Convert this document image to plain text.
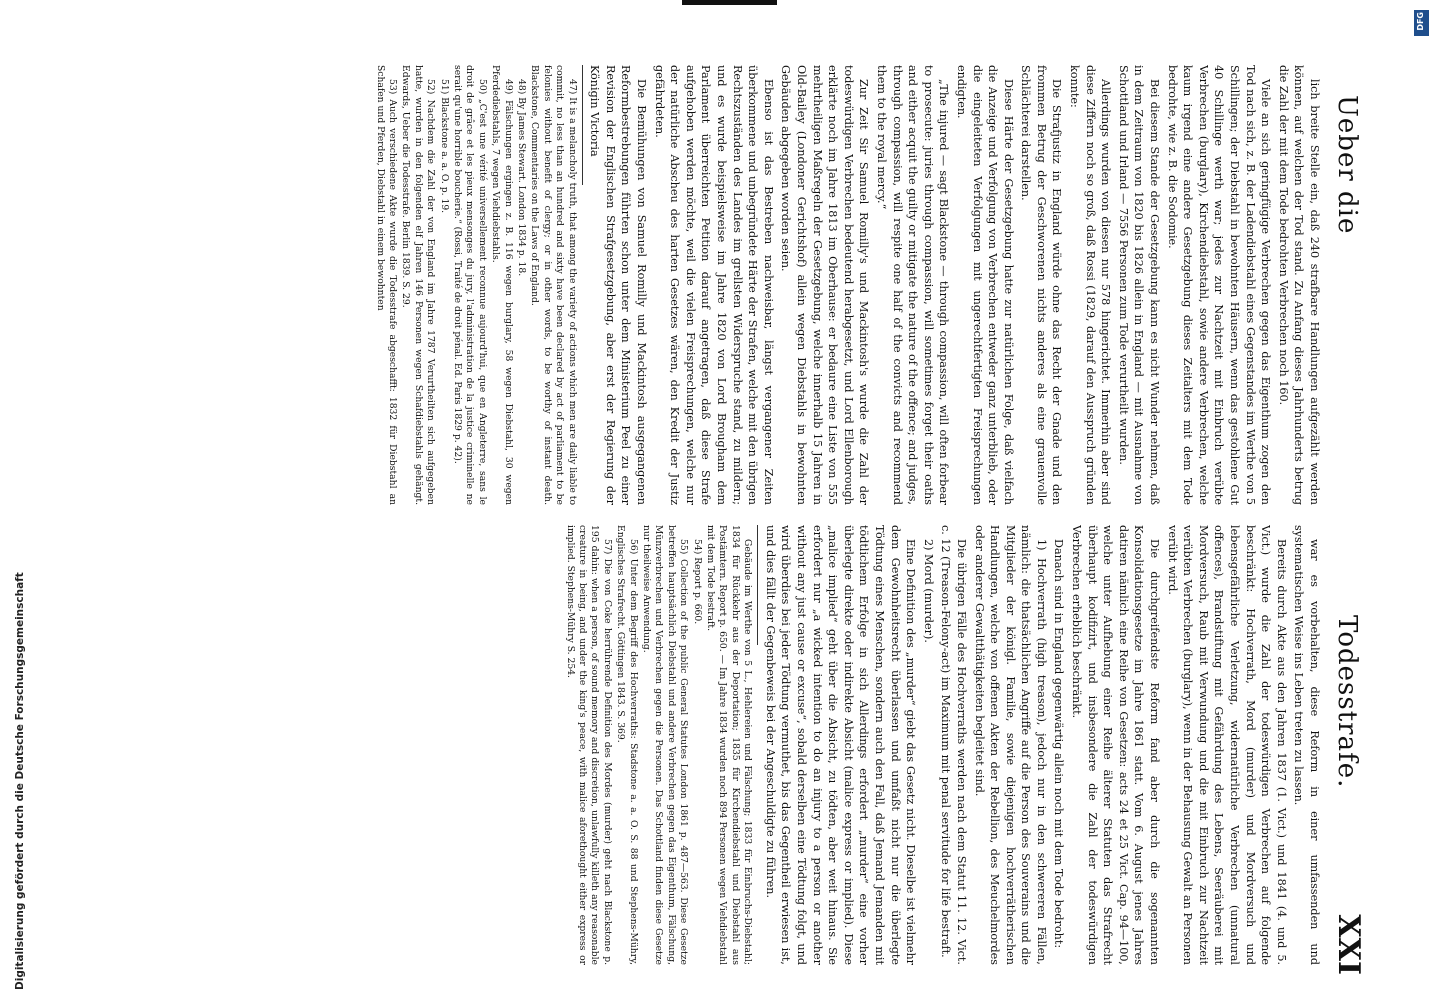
Digitalisierung gefördert durch die Deutsche Forschungsgemeinschaft
DFG
Ueber die
Todesstrafe.
XXI

lich breite Stelle ein, daß 240 strafbare Handlungen aufgezählt werden können, auf welchen der Tod stand. Zu Anfang dieses Jahrhunderts betrug die Zahl der mit dem Tode bedrohten Verbrechen noch 160.

Viele an sich geringfügige Verbrechen gegen das Eigenthum zogen den Tod nach sich, z. B. der Ladendiebstahl eines Gegenstandes im Werthe von 5 Schillingen; der Diebstahl in bewohnten Häusern, wenn das gestohlene Gut 40 Schillinge werth war; jedes zur Nachtzeit mit Einbruch verübte Verbrechen (burglary), Kirchendiebstahl, sowie andere Verbrechen, welche kaum irgend eine andere Gesetzgebung dieses Zeitalters mit dem Tode bedrohte, wie z. B. die Sodomie.

Bei diesem Stande der Gesetzgebung kann es nicht Wunder nehmen, daß in dem Zeitraum von 1820 bis 1826 allein in England — mit Ausnahme von Schottland und Irland — 7556 Personen zum Tode verurtheilt wurden.

Allerdings wurden von diesen nur 578 hingerichtet. Immerhin aber sind diese Ziffern noch so groß, daß Rossi (1829, darauf den Ausspruch gründen konnte:

Die Strafjustiz in England würde ohne das Recht der Gnade und den frommen Betrug der Geschworenen nichts anderes als eine grauenvolle Schlächterei darstellen.

Diese Härte der Gesetzgebung hatte zur natürlichen Folge, daß vielfach die Anzeige und Verfolgung von Verbrechen entweder ganz unterblieb, oder die eingeleiteten Verfolgungen mit ungerechtfertigten Freisprechungen endigten.

„The injured — sagt Blackstone — through compassion, will often forbear to prosecute: juries through compassion, will sometimes forget their oaths and either acquit the guilty or mitigate the nature of the offence; and judges, through compassion, will respite one half of the convicts and recommend them to the royal mercy.“

Zur Zeit Sir Samuel Romilly's und Mackintosh's wurde die Zahl der todeswürdigen Verbrechen bedeutend herabgesetzt, und Lord Ellenborough erklärte noch im Jahre 1813 im Oberhause: er bedaure eine Liste von 555 mehrtheiligen Maßregeln der Gesetzgebung, welche innerhalb 15 Jahren in Old-Bailey (Londoner Gerichtshof) allein wegen Diebstahls in bewohnten Gebäuden abgegeben worden seien.

Ebenso ist das Bestreben nachweisbar, längst vergangener Zeiten überkommene und unbegründete Härte der Strafen, welche mit den übrigen Rechtszuständen des Landes im grellsten Widerspruche stand, zu mildern; und es wurde beispielsweise im Jahre 1820 von Lord Brougham dem Parlament überreichten Petition darauf angetragen, daß diese Strafe aufgehoben werden möchte, weil die vielen Freisprechungen, welche nur der natürliche Abscheu des harten Gesetzes wären, den Kredit der Justiz gefährdeten.

Die Bemühungen von Samuel Romilly und Mackintosh ausgegangenen Reformbestrebungen führten schon unter dem Ministerium Peel zu einer Revision der Englischen Strafgesetzgebung, aber erst der Regierung der Königin Victoria

47) It is a melancholy truth, that among the variety of actions which men are daily liable to commit, no less than an hundred and sixty have been declared by act of parliament to be felonies without benefit of clergy; or in other words, to be worthy of instant death. Blackstone, Commentaries on the Laws of England.

48) By James Stewart. London 1834 p. 18.

49) Fälschungen ergingen z. B. 116 wegen burglary, 58 wegen Diebstahl, 30 wegen Pferdediebstahls, 7 wegen Viehdiebstahls.

50) „C'est une vérité universellement reconnue aujourd'hui, que en Angleterre, sans le droit de grâce et les pieux mensonges du jury, l'administration de la justice criminelle ne serait qu'une horrible boucherie.“ (Rossi, Traité de droit pénal. Ed. Paris 1829 p. 42).

51) Blackstone a. a. O. p. 19.

52) Nachdem die Zahl der von England im Jahre 1787 Verurtheilten sich aufgegeben hatte, wurden in den folgenden elf Jahren 146 Personen wegen Schafdiebstahls gehängt. Edwards, Ueber die Todesstrafe. Berlin 1839. S. 29.

53) Auch verschiedene Akte wurde die Todesstrafe abgeschafft: 1832 für Diebstahl an Schafen und Pferden, Diebstahl in einem bewohnten

war es vorbehalten, diese Reform in einer umfassenden und systematischen Weise ins Leben treten zu lassen.

Bereits durch Akte aus den Jahren 1837 (1. Vict.) und 1841 (4. und 5. Vict.) wurde die Zahl der todeswürdigen Verbrechen auf folgende beschränkt: Hochverrath, Mord (murder) und Mordversuch und lebensgefährliche Verletzung, widernatürliche Verbrechen (unnatural offences), Brandstiftung mit Gefährdung des Lebens, Seeräuberei mit Mordversuch, Raub mit Verwundung und die mit Einbruch zur Nachtzeit verübten Verbrechen (burglary), wenn in der Behausung Gewalt an Personen verübt wird.

Die durchgreifendste Reform fand aber durch die sogenannten Konsolidationsgesetze im Jahre 1861 statt. Vom 6. August jenes Jahres datiren nämlich eine Reihe von Gesetzen: acts 24 et 25 Vict. Cap. 94—100, welche unter Aufhebung einer Reihe älterer Statuten das Strafrecht überhaupt kodifizirt, und insbesondere die Zahl der todeswürdigen Verbrechen erheblich beschränkt.

Danach sind in England gegenwärtig allein noch mit dem Tode bedroht:

1) Hochverrath (high treason), jedoch nur in den schwereren Fällen, nämlich: die thatsächlichen Angriffe auf die Person des Souverains und die Mitglieder der königl. Familie, sowie diejenigen hochverrätherischen Handlungen, welche von offenen Akten der Rebellion, des Meuchelmordes oder anderer Gewaltthätigkeiten begleitet sind.

Die übrigen Fälle des Hochverraths werden nach dem Statut 11. 12. Vict. c. 12 (Treason-Felony-act) im Maximum mit penal servitude for life bestraft.

2) Mord (murder).

Eine Definition des „murder“ giebt das Gesetz nicht. Dieselbe ist vielmehr dem Gewohnheitsrecht überlassen und umfaßt nicht nur die überlegte Tödtung eines Menschen, sondern auch den Fall, daß Jemand Jemanden mit tödtlichem Erfolge in sich Allerdings erfordert „murder“ eine vorher überlegte direkte oder indirekte Absicht (malice express or implied). Diese „malice implied“ geht über die Absicht, zu tödten, aber weit hinaus. Sie erfordert nur „a wicked intention to do an injury to a person or another without any just cause or excuse“, sobald derselben eine Tödtung folgt, und wird überdies bei jeder Tödtung vermuthet, bis das Gegentheil erwiesen ist, und dies fällt der Gegenbeweis bei der Angeschuldigte zu führen.

Gebäude im Werthe von 5 L., Hehlereien und Fälschung; 1833 für Einbruchs-Diebstahl; 1834 für Rückkehr aus der Deportation; 1835 für Kirchendiebstahl und Diebstahl aus Postämtern. Report p. 650. — Im Jahre 1834 wurden noch 894 Personen wegen Viehdiebstahl mit dem Tode bestraft.

54) Report p. 660.

55) Collection of the public General Statutes London 1861 p. 487—563. Diese Gesetze betreffen hauptsächlich Diebstahl und andere Verbrechen gegen das Eigenthum, Fälschung, Münzverbrechen und Verbrechen gegen die Personen. Das Schottland finden diese Gesetze nur theilweise Anwendung.

56) Unter dem Begriff des Hochverraths: Stadstone a. a. O. S. 88 und Stephens-Mühry, Englisches Strafrecht. Göttingen 1843. S. 369.

57) Die von Coke herrührende Definition des Mordes (murder) geht nach Blackstone p. 195 dahin: when a person, of sound memory and discretion, unlawfully killeth any reasonable creature in being, and under the king's peace, with malice aforethought either express or implied. Stephens-Mühry S. 254.
